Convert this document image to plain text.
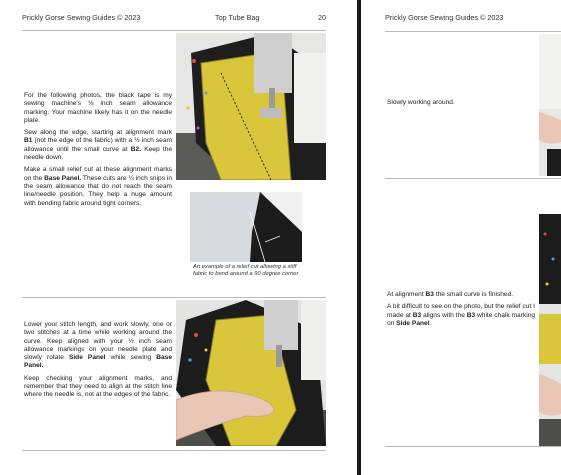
Prickly Gorse Sewing Guides © 2023	Top Tube Bag	20

For the following photos, the black tape is my sewing machine's ⅛ inch seam allowance marking. Your machine likely has it on the needle plate.

Sew along the edge, starting at alignment mark B1 (not the edge of the fabric) with a ½ inch seam allowance until the small curve at B2. Keep the needle down.

Make a small relief cut at these alignment marks on the Base Panel. These cuts are ¼ inch snips in the seam allowance that do not reach the seam line/needle position. They help a huge amount with bending fabric around tight corners.

An example of a relief cut allowing a stiff fabric to bend around a 90 degree corner

Lower your stitch length, and work slowly, one or two stitches at a time while working around the curve. Keep aligned with your ½ inch seam allowance markings on your needle plate and slowly rotate Side Panel while sewing Base Panel.

Keep checking your alignment marks, and remember that they need to align at the stitch line where the needle is, not at the edges of the fabric.

Prickly Gorse Sewing Guides © 2023

Slowly working around.

At alignment B3 the small curve is finished.

A bit difficult to see on the photo, but the relief cut I made at B3 aligns with the B3 white chalk marking on Side Panel.
